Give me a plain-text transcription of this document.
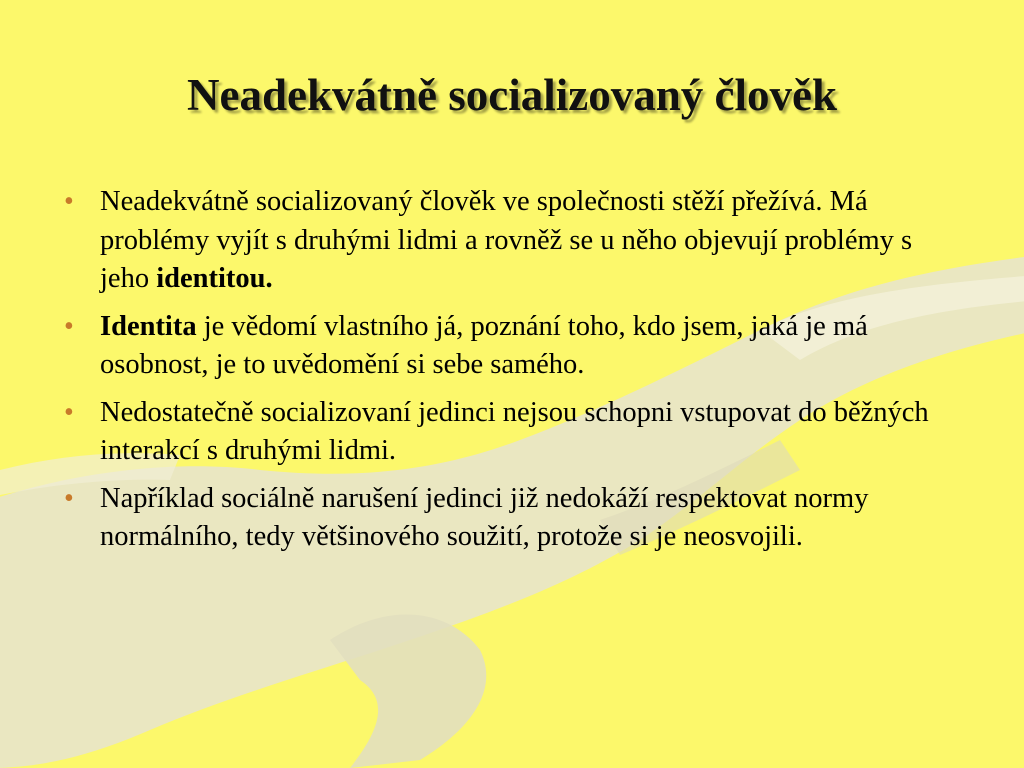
Neadekvátně socializovaný člověk
• Neadekvátně socializovaný člověk ve společnosti stěží přežívá. Má problémy vyjít s druhými lidmi a rovněž se u něho objevují problémy s jeho identitou.
• Identita je vědomí vlastního já, poznání toho, kdo jsem, jaká je má osobnost, je to uvědomění si sebe samého.
• Nedostatečně socializovaní jedinci nejsou schopni vstupovat do běžných interakcí s druhými lidmi.
• Například sociálně narušení jedinci již nedokáží respektovat normy normálního, tedy většinového soužití, protože si je neosvojili.
